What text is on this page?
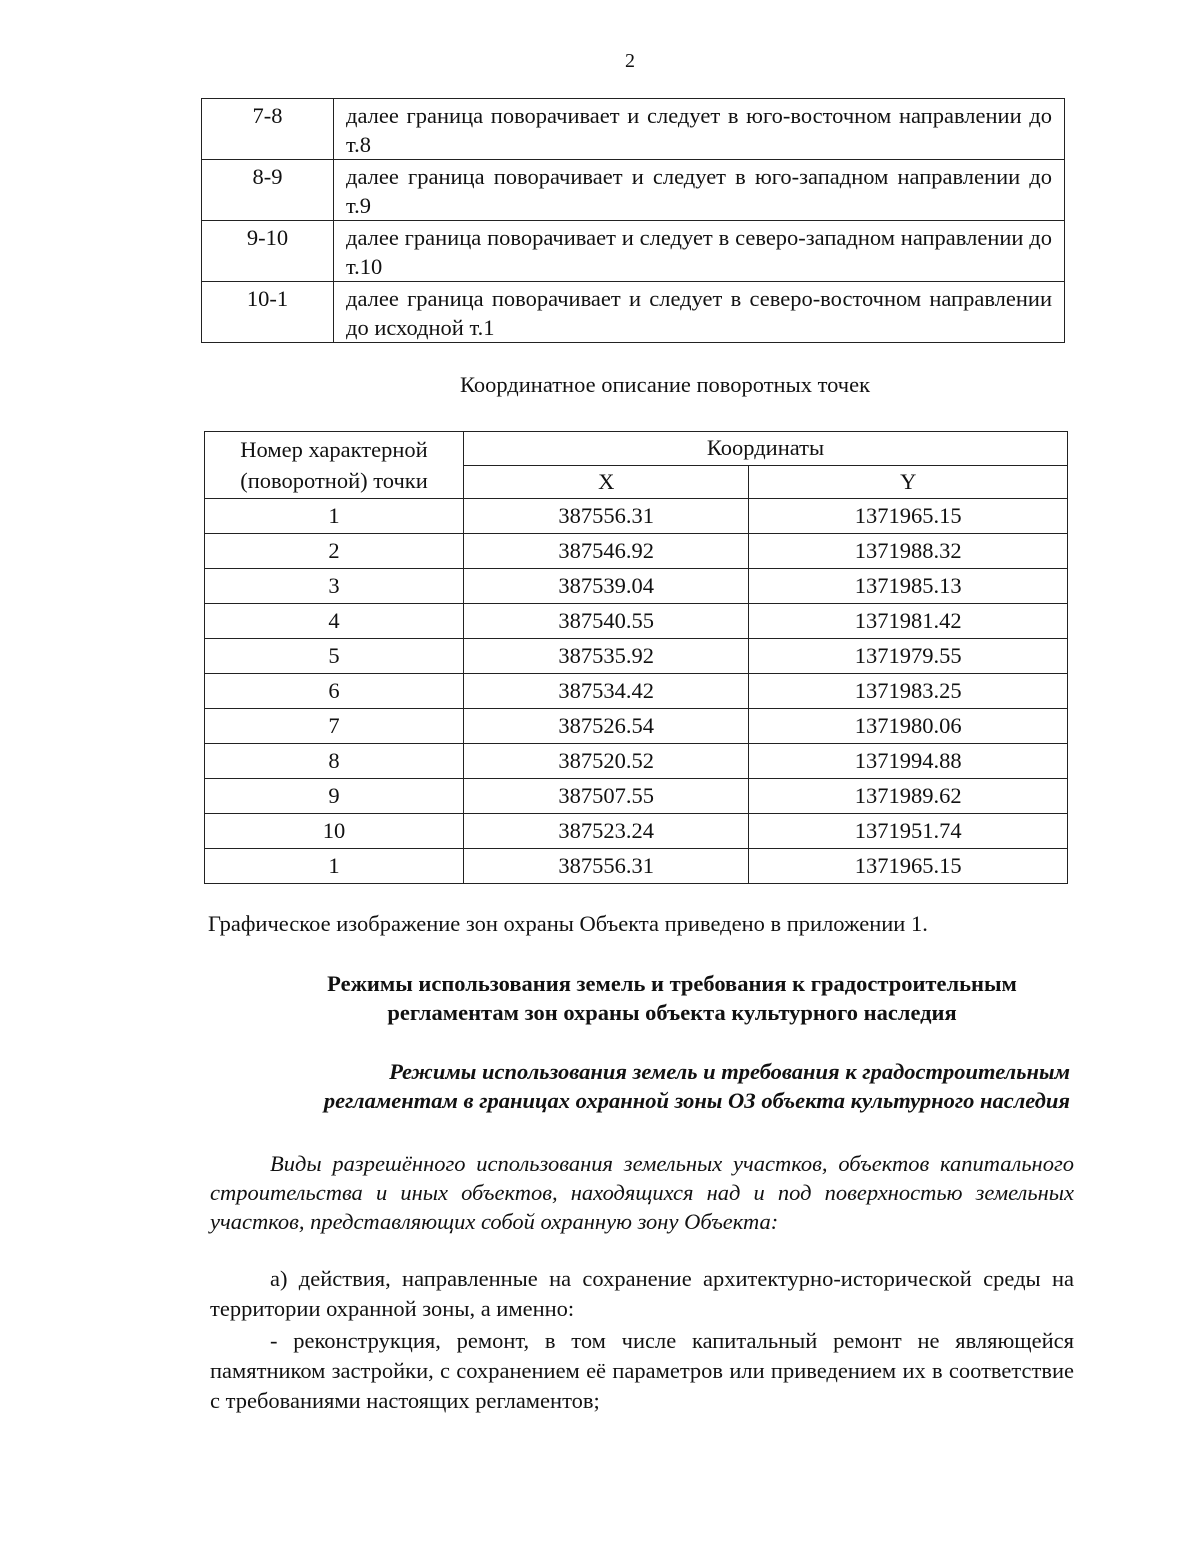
2
7-8	далее граница поворачивает и следует в юго-восточном направлении до т.8
8-9	далее граница поворачивает и следует в юго-западном направлении до т.9
9-10	далее граница поворачивает и следует в северо-западном направлении до т.10
10-1	далее граница поворачивает и следует в северо-восточном направлении до исходной т.1
Координатное описание поворотных точек
Номер характерной (поворотной) точки	Координаты	
	X	Y
1	387556.31	1371965.15
2	387546.92	1371988.32
3	387539.04	1371985.13
4	387540.55	1371981.42
5	387535.92	1371979.55
6	387534.42	1371983.25
7	387526.54	1371980.06
8	387520.52	1371994.88
9	387507.55	1371989.62
10	387523.24	1371951.74
1	387556.31	1371965.15
Графическое изображение зон охраны Объекта приведено в приложении 1.
Режимы использования земель и требования к градостроительным
регламентам зон охраны объекта культурного наследия
Режимы использования земель и требования к градостроительным
регламентам в границах охранной зоны ОЗ объекта культурного наследия
Виды разрешённого использования земельных участков, объектов капитального строительства и иных объектов, находящихся над и под поверхностью земельных участков, представляющих собой охранную зону Объекта:
а) действия, направленные на сохранение архитектурно-исторической среды на территории охранной зоны, а именно:
- реконструкция, ремонт, в том числе капитальный ремонт не являющейся памятником застройки, с сохранением её параметров или приведением их в соответствие с требованиями настоящих регламентов;
